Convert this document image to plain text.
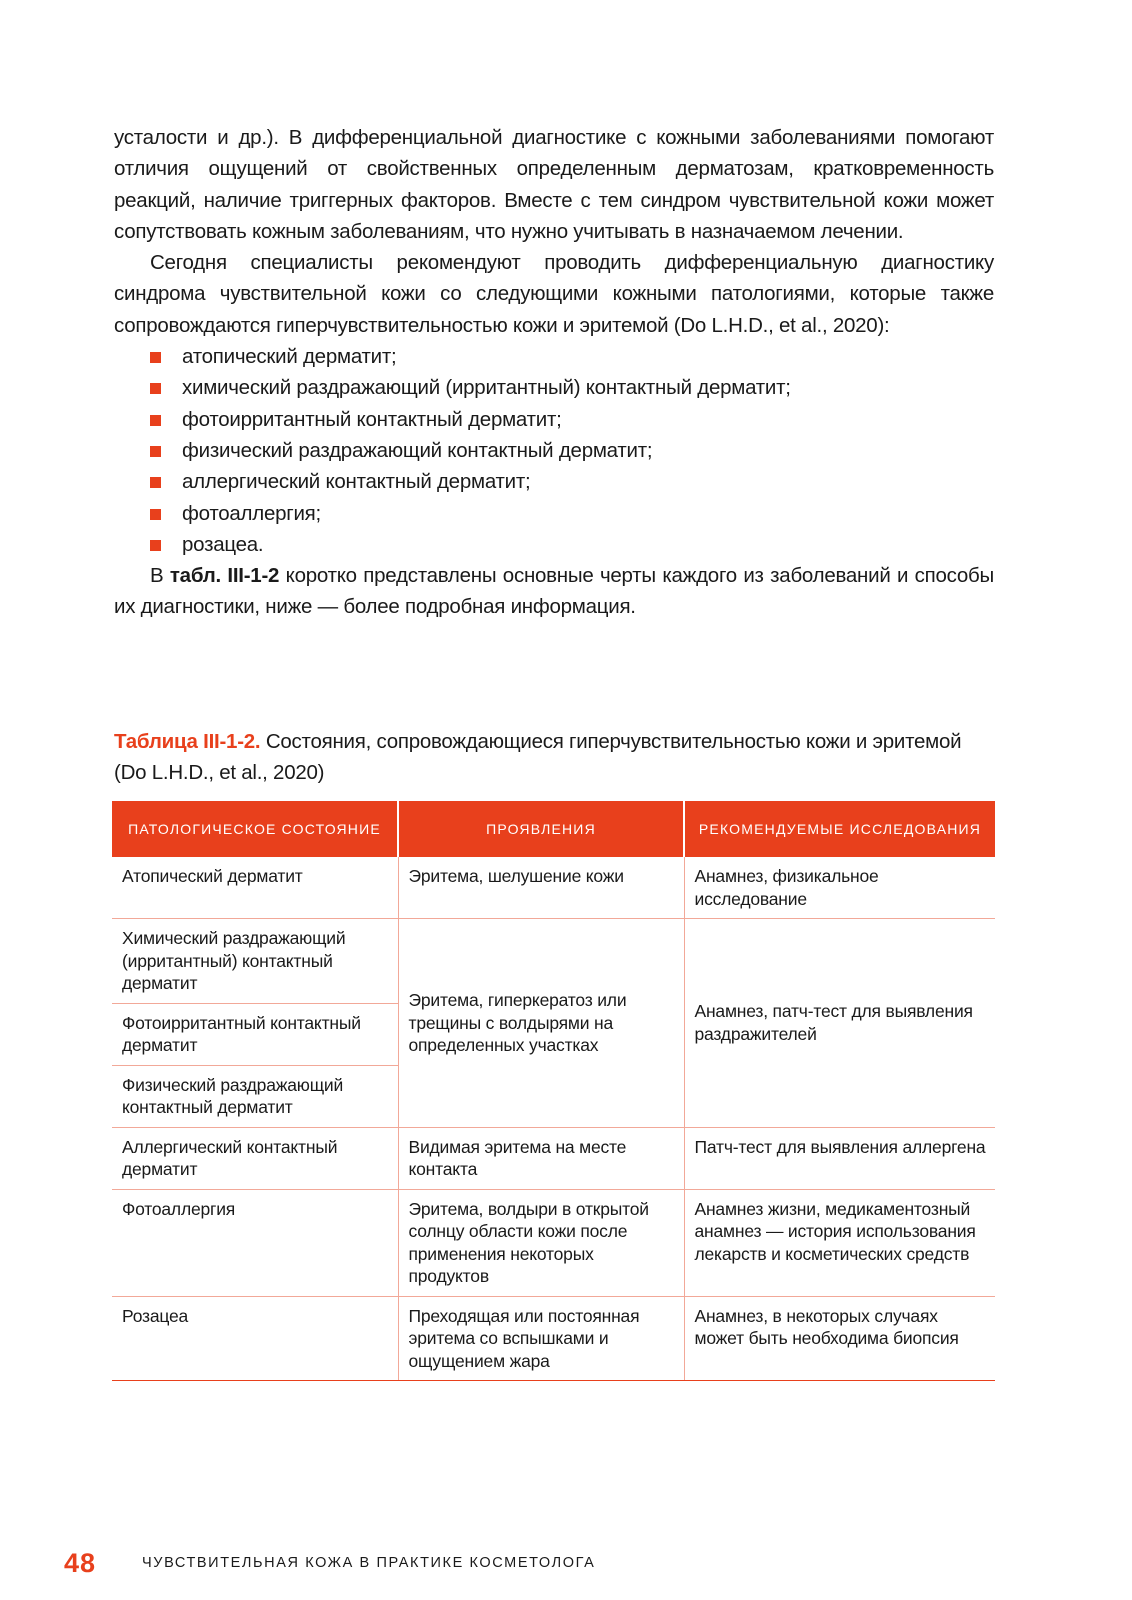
усталости и др.). В дифференциальной диагностике с кожными заболеваниями помогают отличия ощущений от свойственных определенным дерматозам, кратковременность реакций, наличие триггерных факторов. Вместе с тем синдром чувствительной кожи может сопутствовать кожным заболеваниям, что нужно учитывать в назначаемом лечении.

Сегодня специалисты рекомендуют проводить дифференциальную диагностику синдрома чувствительной кожи со следующими кожными патологиями, которые также сопровождаются гиперчувствительностью кожи и эритемой (Do L.H.D., et al., 2020):

атопический дерматит;
химический раздражающий (ирритантный) контактный дерматит;
фотоирритантный контактный дерматит;
физический раздражающий контактный дерматит;
аллергический контактный дерматит;
фотоаллергия;
розацеа.

В табл. III-1-2 коротко представлены основные черты каждого из заболеваний и способы их диагностики, ниже — более подробная информация.

Таблица III-1-2. Состояния, сопровождающиеся гиперчувствительностью кожи и эритемой (Do L.H.D., et al., 2020)
ПАТОЛОГИЧЕСКОЕ СОСТОЯНИЕ	ПРОЯВЛЕНИЯ	РЕКОМЕНДУЕМЫЕ ИССЛЕДОВАНИЯ
Атопический дерматит	Эритема, шелушение кожи	Анамнез, физикальное исследование
Химический раздражающий (ирритантный) контактный дерматит	Эритема, гиперкератоз или трещины с волдырями на определенных участках	Анамнез, патч-тест для выявления раздражителей
Фотоирритантный контактный дерматит		
Физический раздражающий контактный дерматит		
Аллергический контактный дерматит	Видимая эритема на месте контакта	Патч-тест для выявления аллергена
Фотоаллергия	Эритема, волдыри в открытой солнцу области кожи после применения некоторых продуктов	Анамнез жизни, медикаментозный анамнез — история использования лекарств и косметических средств
Розацеа	Преходящая или постоянная эритема со вспышками и ощущением жара	Анамнез, в некоторых случаях может быть необходима биопсия
48	ЧУВСТВИТЕЛЬНАЯ КОЖА В ПРАКТИКЕ КОСМЕТОЛОГА
